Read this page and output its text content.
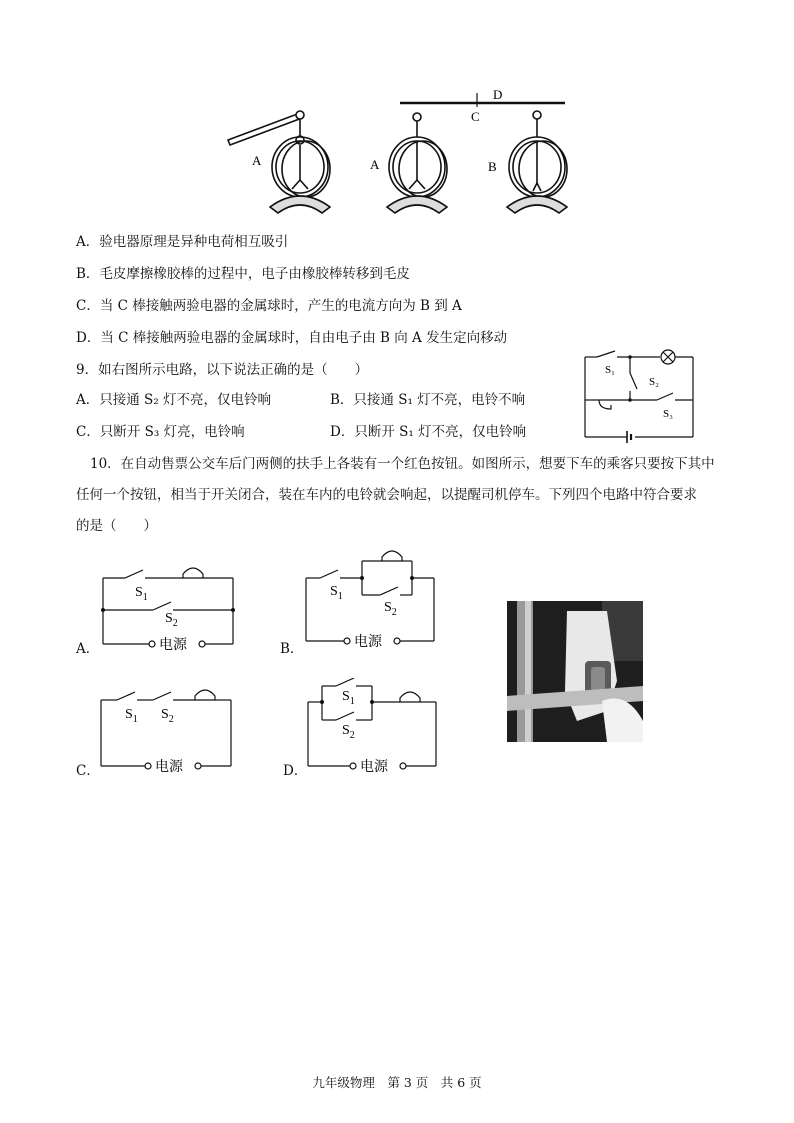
A	A	B
C
D
A．验电器原理是异种电荷相互吸引
B．毛皮摩擦橡胶棒的过程中，电子由橡胶棒转移到毛皮
C．当 C 棒接触两验电器的金属球时，产生的电流方向为 B 到 A
D．当 C 棒接触两验电器的金属球时，自由电子由 B 向 A 发生定向移动
9．如右图所示电路，以下说法正确的是（　　）
A．只接通 S₂ 灯不亮，仅电铃响	B．只接通 S₁ 灯不亮，电铃不响
C．只断开 S₃ 灯亮，电铃响	D．只断开 S₁ 灯不亮，仅电铃响
S₁
S₂
S₃
10．在自动售票公交车后门两侧的扶手上各装有一个红色按钮。如图所示，想要下车的乘客只要按下其中
任何一个按钮，相当于开关闭合，装在车内的电铃就会响起，以提醒司机停车。下列四个电路中符合要求
的是（　　）
A．
$S_1$
$S_2$
电源	B．
$S_1$
$S_2$
电源
C．
$S_1$ $S_2$
电源	D．
$S_1$
$S_2$
电源
九年级物理　第 3 页　共 6 页
